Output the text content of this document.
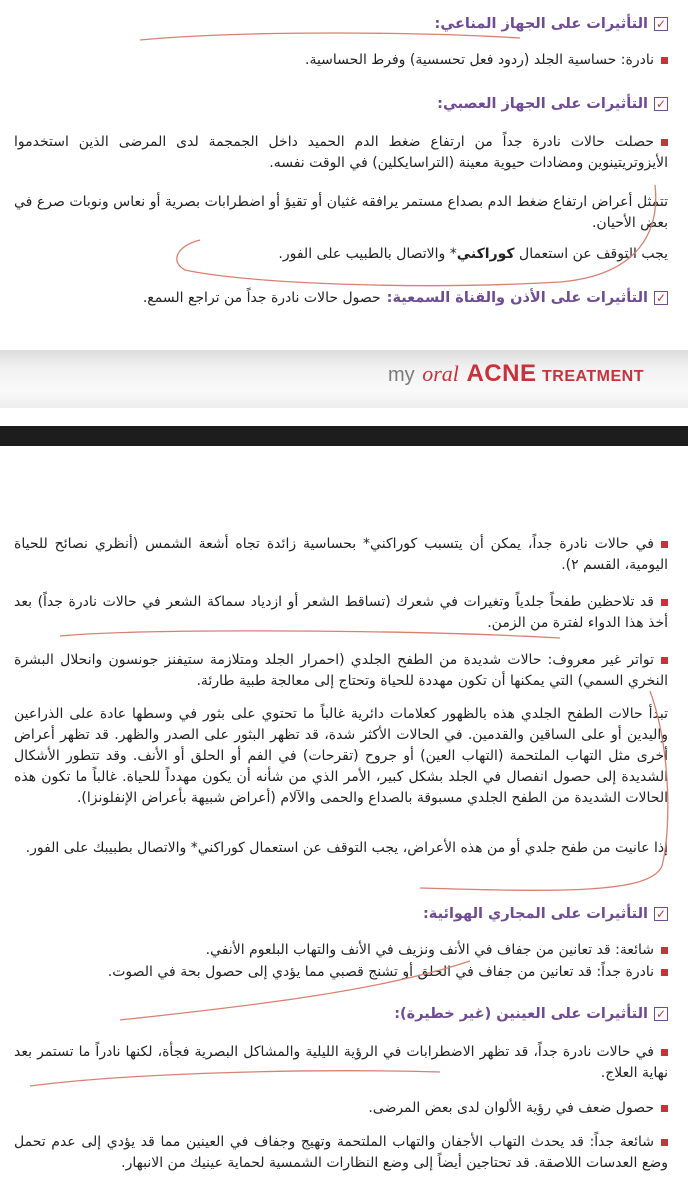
✓
التأثيرات على الجهاز المناعي:
نادرة: حساسية الجلد (ردود فعل تحسسية) وفرط الحساسية.
✓
التأثيرات على الجهاز العصبي:
حصلت حالات نادرة جداً من ارتفاع ضغط الدم الحميد داخل الجمجمة لدى المرضى الذين استخدموا الأيزوتريتينوين ومضادات حيوية معينة (التراسايكلين) في الوقت نفسه.
تتمثل أعراض ارتفاع ضغط الدم بصداع مستمر يرافقه غثيان أو تقيؤ أو اضطرابات بصرية أو نعاس ونوبات صرع في بعض الأحيان.
يجب التوقف عن استعمال كوراكني* والاتصال بالطبيب على الفور.
✓
التأثيرات على الأذن والقناة السمعية:
حصول حالات نادرة جداً من تراجع السمع.
my oral ACNE TREATMENT
في حالات نادرة جداً، يمكن أن يتسبب كوراكني* بحساسية زائدة تجاه أشعة الشمس (أنظري نصائح للحياة اليومية، القسم ٢).
قد تلاحظين طفحاً جلدياً وتغيرات في شعرك (تساقط الشعر أو ازدياد سماكة الشعر في حالات نادرة جداً) بعد أخذ هذا الدواء لفترة من الزمن.
تواتر غير معروف: حالات شديدة من الطفح الجلدي (احمرار الجلد ومتلازمة ستيفنز جونسون وانحلال البشرة النخري السمي) التي يمكنها أن تكون مهددة للحياة وتحتاج إلى معالجة طبية طارئة.
تبدأ حالات الطفح الجلدي هذه بالظهور كعلامات دائرية غالباً ما تحتوي على بثور في وسطها عادة على الذراعين واليدين أو على الساقين والقدمين. في الحالات الأكثر شدة، قد تظهر البثور على الصدر والظهر. قد تظهر أعراض أخرى مثل التهاب الملتحمة (التهاب العين) أو جروح (تقرحات) في الفم أو الحلق أو الأنف. وقد تتطور الأشكال الشديدة إلى حصول انفصال في الجلد بشكل كبير، الأمر الذي من شأنه أن يكون مهدداً للحياة. غالباً ما تكون هذه الحالات الشديدة من الطفح الجلدي مسبوقة بالصداع والحمى والآلام (أعراض شبيهة بأعراض الإنفلونزا).
إذا عانيت من طفح جلدي أو من هذه الأعراض، يجب التوقف عن استعمال كوراكني* والاتصال بطبيبك على الفور.
✓
التأثيرات على المجاري الهوائية:
شائعة: قد تعانين من جفاف في الأنف ونزيف في الأنف والتهاب البلعوم الأنفي.
نادرة جداً: قد تعانين من جفاف في الحلق أو تشنج قصبي مما يؤدي إلى حصول بحة في الصوت.
✓
التأثيرات على العينين (غير خطيرة):
في حالات نادرة جداً، قد تظهر الاضطرابات في الرؤية الليلية والمشاكل البصرية فجأة، لكنها نادراً ما تستمر بعد نهاية العلاج.
حصول ضعف في رؤية الألوان لدى بعض المرضى.
شائعة جداً: قد يحدث التهاب الأجفان والتهاب الملتحمة وتهيج وجفاف في العينين مما قد يؤدي إلى عدم تحمل وضع العدسات اللاصقة. قد تحتاجين أيضاً إلى وضع النظارات الشمسية لحماية عينيك من الانبهار.
